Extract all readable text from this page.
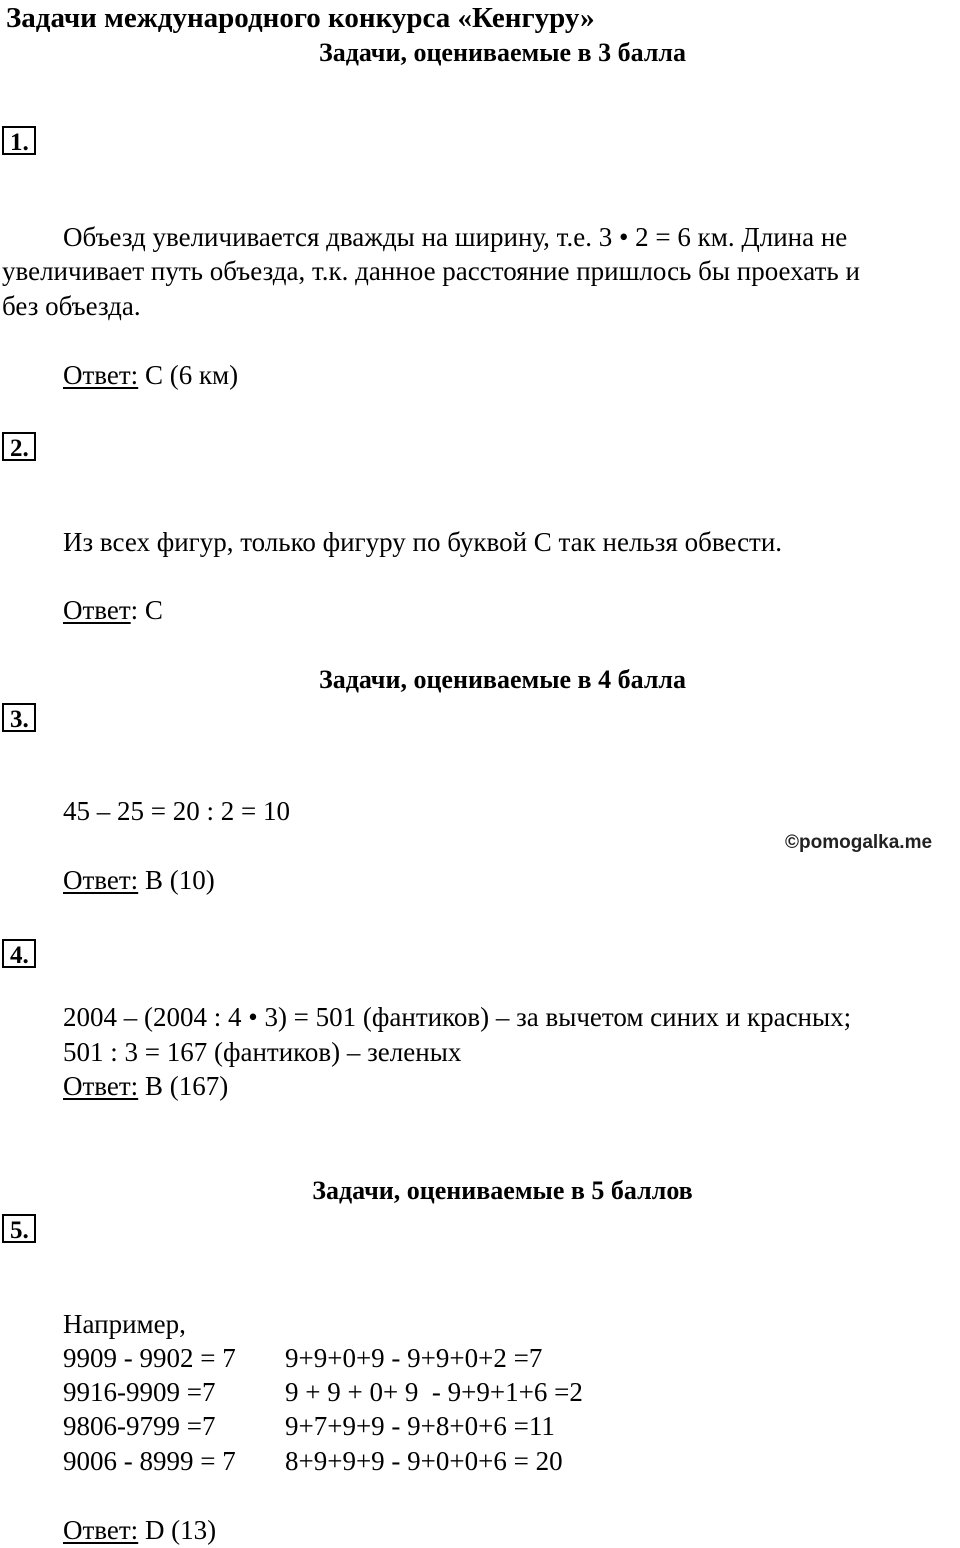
Задачи международного конкурса «Кенгуру»
Задачи, оцениваемые в 3 балла
1.
Объезд увеличивается дважды на ширину, т.е. 3 • 2 = 6 км. Длина не
увеличивает путь объезда, т.к. данное расстояние пришлось бы проехать и
без объезда.
Ответ: С (6 км)
2.
Из всех фигур, только фигуру по буквой С так нельзя обвести.
Ответ: С
Задачи, оцениваемые в 4 балла
3.
45 – 25 = 20 : 2 = 10
©pomogalka.me
Ответ: В (10)
4.
2004 – (2004 : 4 • 3) = 501 (фантиков) – за вычетом синих и красных;
501 : 3 = 167 (фантиков) – зеленых
Ответ: В (167)
Задачи, оцениваемые в 5 баллов
5.
Например,
9909 - 9902 = 7 9+9+0+9 - 9+9+0+2 =7
9916-9909 =7	9 + 9 + 0+ 9  - 9+9+1+6 =2
9806-9799 =7	9+7+9+9 - 9+8+0+6 =11
9006 - 8999 = 7 8+9+9+9 - 9+0+0+6 = 20
Ответ: D (13)
